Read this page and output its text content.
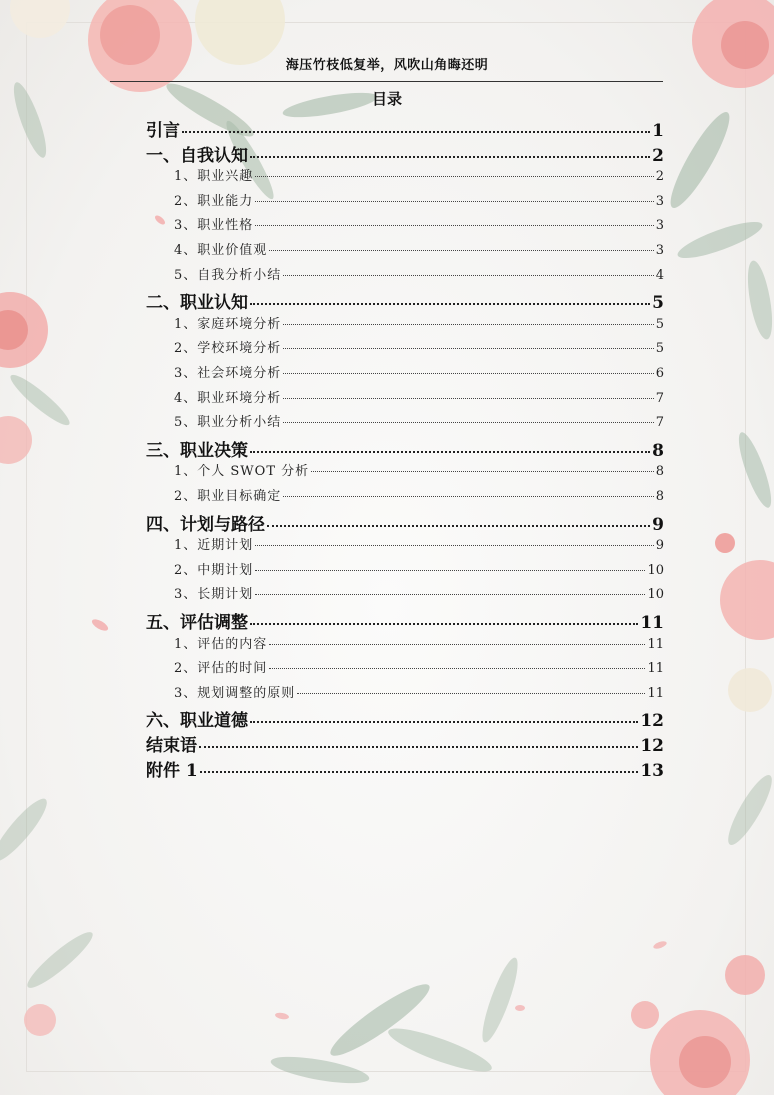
海压竹枝低复举，风吹山角晦还明
目录
引言	1
一、自我认知	2
1、职业兴趣	2
2、职业能力	3
3、职业性格	3
4、职业价值观	3
5、自我分析小结	4
二、职业认知	5
1、家庭环境分析	5
2、学校环境分析	5
3、社会环境分析	6
4、职业环境分析	7
5、职业分析小结	7
三、职业决策	8
1、个人 SWOT 分析	8
2、职业目标确定	8
四、计划与路径	9
1、近期计划	9
2、中期计划	10
3、长期计划	10
五、评估调整	11
1、评估的内容	11
2、评估的时间	11
3、规划调整的原则	11
六、职业道德	12
结束语	12
附件 1	13
